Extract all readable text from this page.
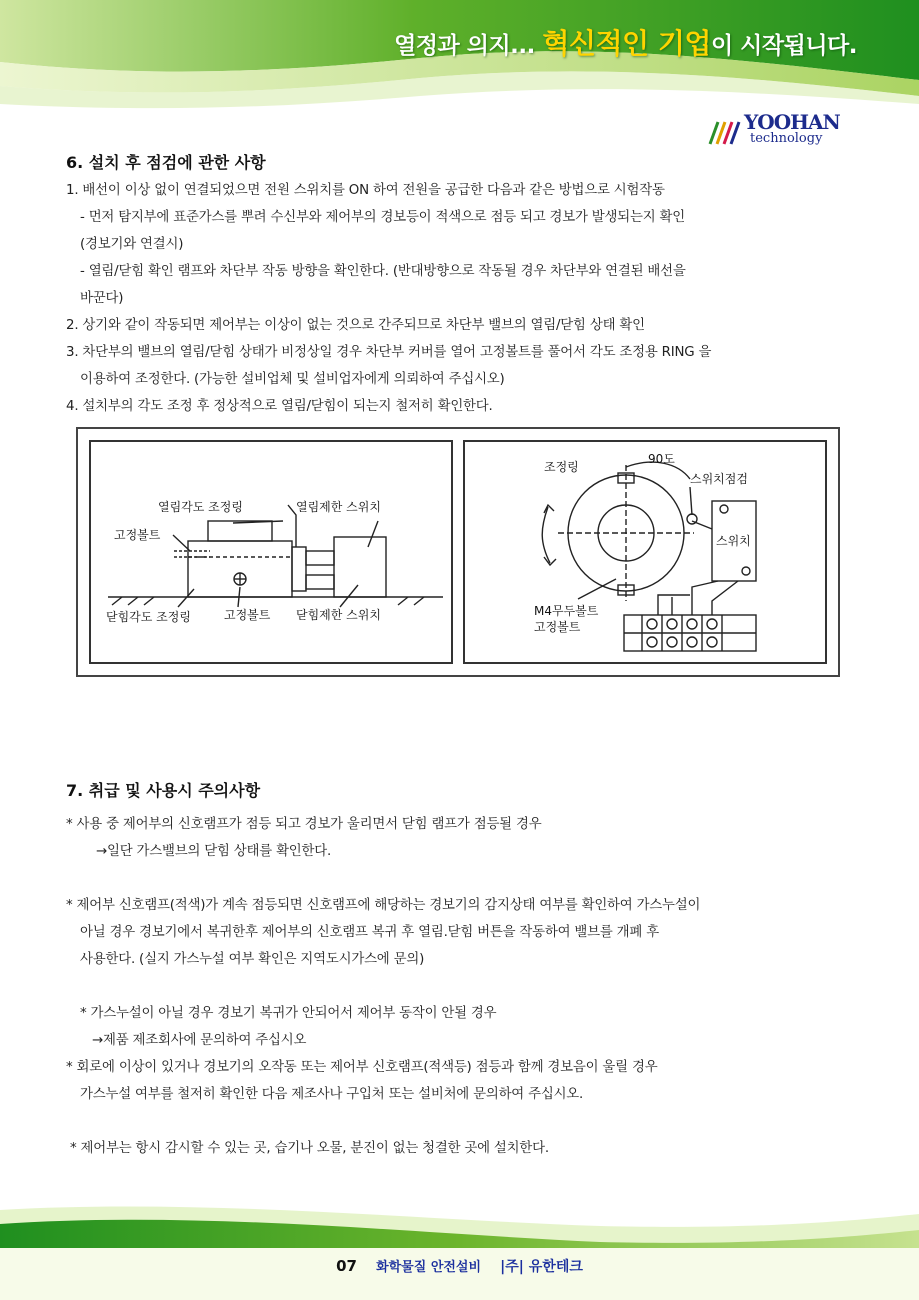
열정과 의지... 혁신적인 기업이 시작됩니다.
YOOHAN
technology
6. 설치 후 점검에 관한 사항

1. 배선이 이상 없이 연결되었으면 전원 스위치를 ON 하여 전원을 공급한 다음과 같은 방법으로 시험작동

- 먼저 탐지부에 표준가스를 뿌려 수신부와 제어부의 경보등이 적색으로 점등 되고 경보가 발생되는지 확인

(경보기와 연결시)

- 열림/닫힘 확인 램프와 차단부 작동 방향을 확인한다. (반대방향으로 작동될 경우 차단부와 연결된 배선을

바꾼다)

2. 상기와 같이 작동되면 제어부는 이상이 없는 것으로 간주되므로 차단부 밸브의 열림/닫힘 상태 확인

3. 차단부의 밸브의 열림/닫힘 상태가 비정상일 경우 차단부 커버를 열어 고정볼트를 풀어서 각도 조정용 RING 을

이용하여 조정한다. (가능한 설비업체 및 설비업자에게 의뢰하여 주십시오)

4. 설치부의 각도 조정 후 정상적으로 열림/닫힘이 되는지 철저히 확인한다.

열림각도 조정링	열림제한 스위치
고정볼트
닫힘각도 조정링	고정볼트 닫힘제한 스위치
조정링
90도
스위치점검
스위치
M4무두볼트
고정볼트
7. 취급 및 사용시 주의사항

* 사용 중 제어부의 신호램프가 점등 되고 경보가 울리면서 닫힘 램프가 점등될 경우

→일단 가스밸브의 닫힘 상태를 확인한다.

* 제어부 신호램프(적색)가 계속 점등되면 신호램프에 해당하는 경보기의 감지상태 여부를 확인하여 가스누설이

아닐 경우 경보기에서 복귀한후 제어부의 신호램프 복귀 후 열림.닫힘 버튼을 작동하여 밸브를 개폐 후

사용한다. (실지 가스누설 여부 확인은 지역도시가스에 문의)

* 가스누설이 아닐 경우 경보기 복귀가 안되어서 제어부 동작이 안될 경우

→제품 제조회사에 문의하여 주십시오

* 회로에 이상이 있거나 경보기의 오작동 또는 제어부 신호램프(적색등) 점등과 함께 경보음이 울릴 경우

가스누설 여부를 철저히 확인한 다음 제조사나 구입처 또는 설비처에 문의하여 주십시오.

* 제어부는 항시 감시할 수 있는 곳, 습기나 오물, 분진이 없는 청결한 곳에 설치한다.

07 화학물질 안전설비 |주| 유한테크
